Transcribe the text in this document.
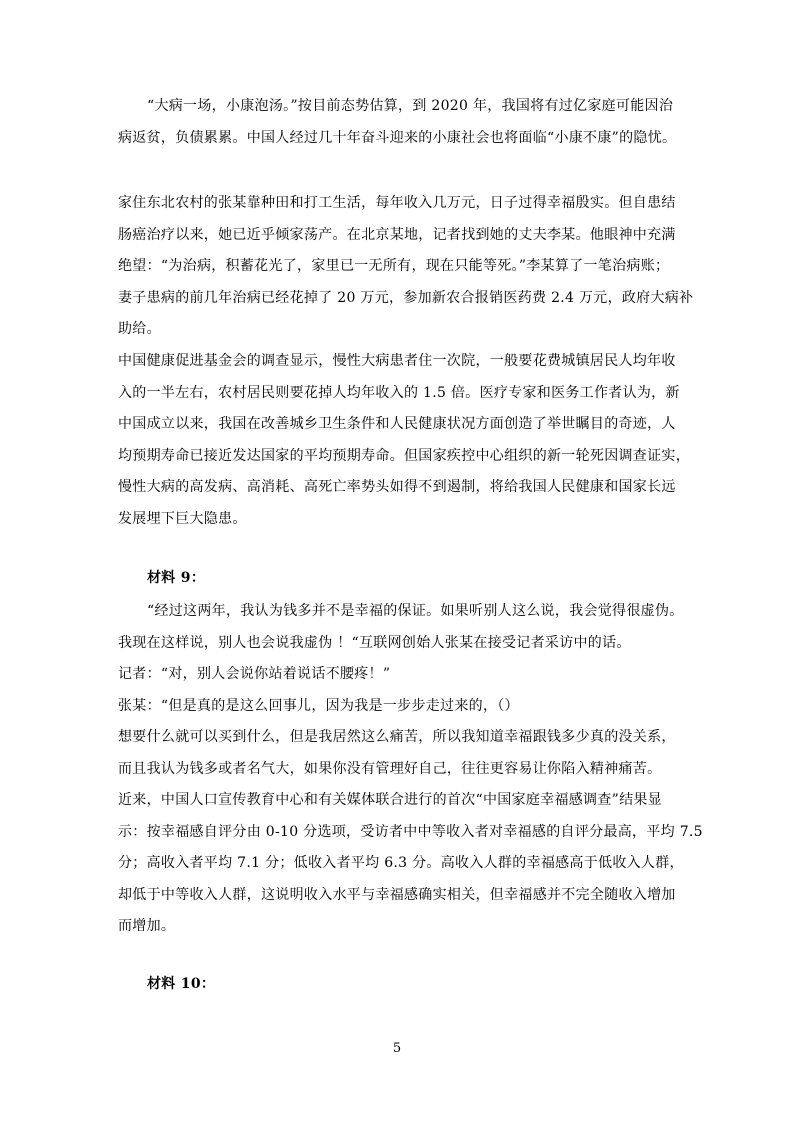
“大病一场，小康泡汤。”按目前态势估算，到 2020 年，我国将有过亿家庭可能因治
病返贫，负债累累。中国人经过几十年奋斗迎来的小康社会也将面临“小康不康”的隐忧。
家住东北农村的张某靠种田和打工生活，每年收入几万元，日子过得幸福殷实。但自患结
肠癌治疗以来，她已近乎倾家荡产。在北京某地，记者找到她的丈夫李某。他眼神中充满
绝望：“为治病，积蓄花光了，家里已一无所有，现在只能等死。”李某算了一笔治病账；
妻子患病的前几年治病已经花掉了 20 万元，参加新农合报销医药费 2.4 万元，政府大病补
助给。
中国健康促进基金会的调查显示，慢性大病患者住一次院，一般要花费城镇居民人均年收
入的一半左右，农村居民则要花掉人均年收入的 1.5 倍。医疗专家和医务工作者认为，新
中国成立以来，我国在改善城乡卫生条件和人民健康状况方面创造了举世瞩目的奇迹，人
均预期寿命已接近发达国家的平均预期寿命。但国家疾控中心组织的新一轮死因调查证实，
慢性大病的高发病、高消耗、高死亡率势头如得不到遏制，将给我国人民健康和国家长远
发展埋下巨大隐患。
材料 9：
“经过这两年，我认为钱多并不是幸福的保证。如果听别人这么说，我会觉得很虚伪。
我现在这样说，别人也会说我虚伪 ！“互联网创始人张某在接受记者采访中的话。
记者：“对，别人会说你站着说话不腰疼！”
张某：“但是真的是这么回事儿，因为我是一步步走过来的，（）
想要什么就可以买到什么，但是我居然这么痛苦，所以我知道幸福跟钱多少真的没关系，
而且我认为钱多或者名气大，如果你没有管理好自己，往往更容易让你陷入精神痛苦。
近来，中国人口宣传教育中心和有关媒体联合进行的首次“中国家庭幸福感调查”结果显
示：按幸福感自评分由 0-10 分选项，受访者中中等收入者对幸福感的自评分最高，平均 7.5
分；高收入者平均 7.1 分；低收入者平均 6.3 分。高收入人群的幸福感高于低收入人群，
却低于中等收入人群，这说明收入水平与幸福感确实相关，但幸福感并不完全随收入增加
而增加。
材料 10：
5
